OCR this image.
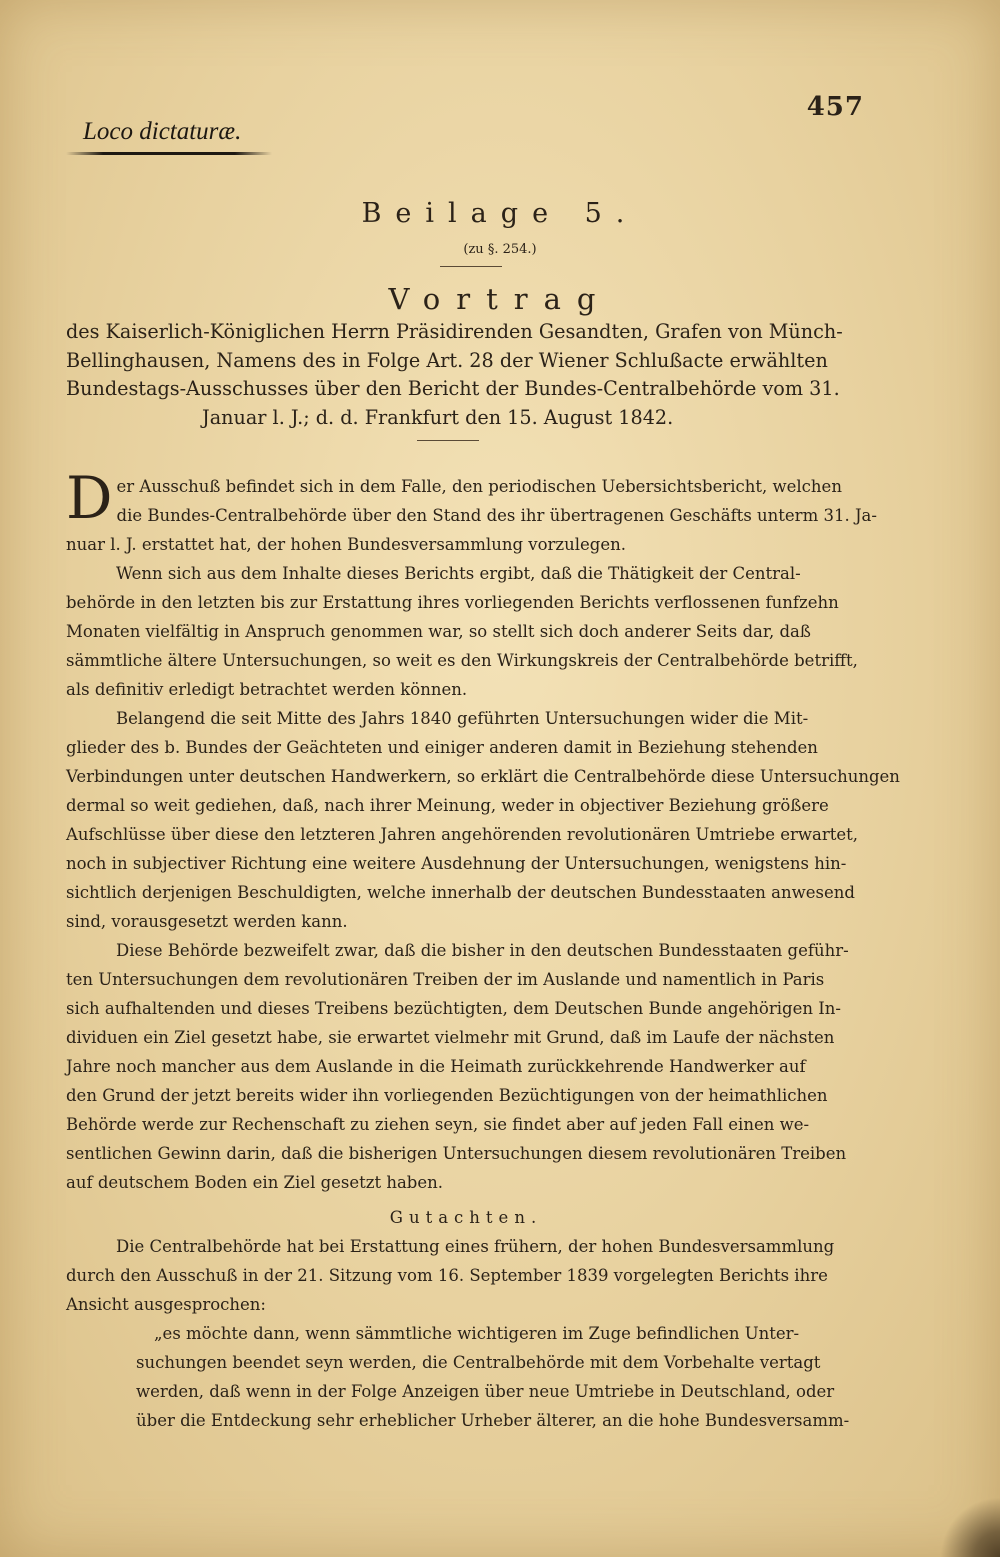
457
Loco dictaturæ.
Beilage 5.
(zu §. 254.)
Vortrag
des Kaiserlich-Königlichen Herrn Präsidirenden Gesandten, Grafen von Münch-
Bellinghausen, Namens des in Folge Art. 28 der Wiener Schlußacte erwählten
Bundestags-Ausschusses über den Bericht der Bundes-Centralbehörde vom 31.
Januar l. J.; d. d. Frankfurt den 15. August 1842.
D er Ausschuß befindet sich in dem Falle, den periodischen Uebersichtsbericht, welchen
die Bundes-Centralbehörde über den Stand des ihr übertragenen Geschäfts unterm 31. Ja-
nuar l. J. erstattet hat, der hohen Bundesversammlung vorzulegen.
Wenn sich aus dem Inhalte dieses Berichts ergibt, daß die Thätigkeit der Central-
behörde in den letzten bis zur Erstattung ihres vorliegenden Berichts verflossenen funfzehn
Monaten vielfältig in Anspruch genommen war, so stellt sich doch anderer Seits dar, daß
sämmtliche ältere Untersuchungen, so weit es den Wirkungskreis der Centralbehörde betrifft,
als definitiv erledigt betrachtet werden können.
Belangend die seit Mitte des Jahrs 1840 geführten Untersuchungen wider die Mit-
glieder des b. Bundes der Geächteten und einiger anderen damit in Beziehung stehenden
Verbindungen unter deutschen Handwerkern, so erklärt die Centralbehörde diese Untersuchungen
dermal so weit gediehen, daß, nach ihrer Meinung, weder in objectiver Beziehung größere
Aufschlüsse über diese den letzteren Jahren angehörenden revolutionären Umtriebe erwartet,
noch in subjectiver Richtung eine weitere Ausdehnung der Untersuchungen, wenigstens hin-
sichtlich derjenigen Beschuldigten, welche innerhalb der deutschen Bundesstaaten anwesend
sind, vorausgesetzt werden kann.
Diese Behörde bezweifelt zwar, daß die bisher in den deutschen Bundesstaaten geführ-
ten Untersuchungen dem revolutionären Treiben der im Auslande und namentlich in Paris
sich aufhaltenden und dieses Treibens bezüchtigten, dem Deutschen Bunde angehörigen In-
dividuen ein Ziel gesetzt habe, sie erwartet vielmehr mit Grund, daß im Laufe der nächsten
Jahre noch mancher aus dem Auslande in die Heimath zurückkehrende Handwerker auf
den Grund der jetzt bereits wider ihn vorliegenden Bezüchtigungen von der heimathlichen
Behörde werde zur Rechenschaft zu ziehen seyn, sie findet aber auf jeden Fall einen we-
sentlichen Gewinn darin, daß die bisherigen Untersuchungen diesem revolutionären Treiben
auf deutschem Boden ein Ziel gesetzt haben.
Gutachten.
Die Centralbehörde hat bei Erstattung eines frühern, der hohen Bundesversammlung
durch den Ausschuß in der 21. Sitzung vom 16. September 1839 vorgelegten Berichts ihre
Ansicht ausgesprochen:
„es möchte dann, wenn sämmtliche wichtigeren im Zuge befindlichen Unter-
suchungen beendet seyn werden, die Centralbehörde mit dem Vorbehalte vertagt
werden, daß wenn in der Folge Anzeigen über neue Umtriebe in Deutschland, oder
über die Entdeckung sehr erheblicher Urheber älterer, an die hohe Bundesversamm-
